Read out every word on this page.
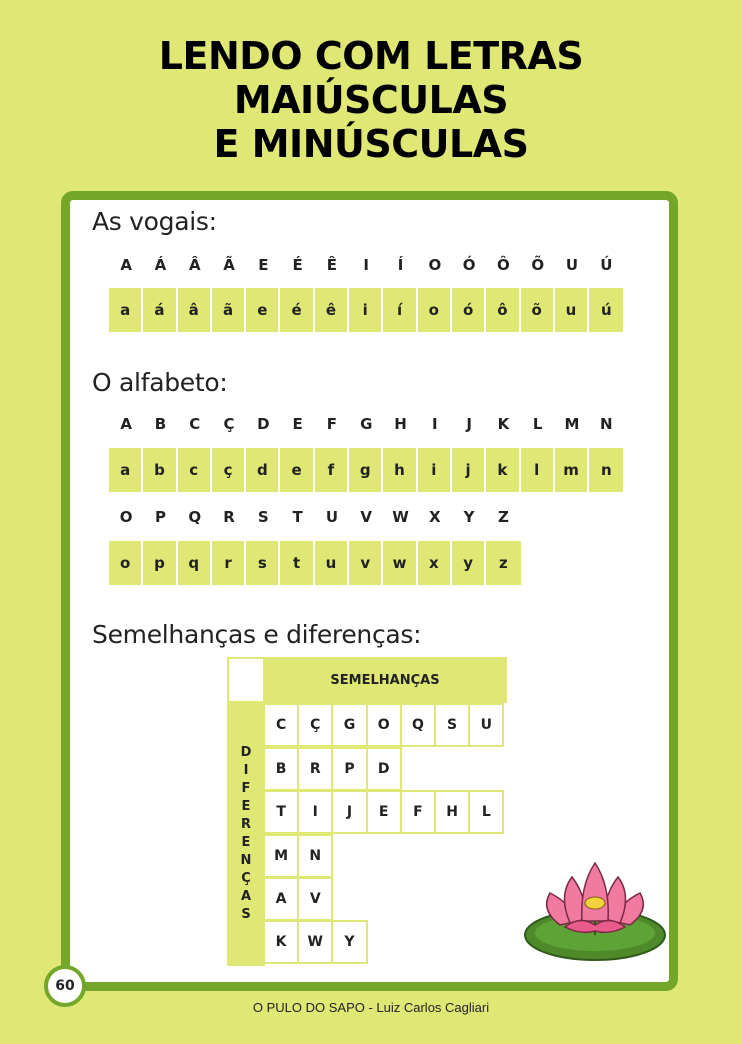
LENDO COM LETRAS
MAIÚSCULAS
E MINÚSCULAS
As vogais:
A	Á	Â	Ã	E	É	Ê	I	Í	O	Ó	Ô	Õ	U	Ú
a	á	â	ã	e	é	ê	i	í	o	ó	ô	õ	u	ú
O alfabeto:
A	B	C	Ç	D	E	F	G	H	I	J	K	L	M	N
a	b	c	ç	d	e	f	g	h	i	j	k	l	m	n
O	P	Q	R	S	T	U	V	W	X	Y	Z
o	p	q	r	s	t	u	v	w	x	y	z
Semelhanças e diferenças:
SEMELHANÇAS
D
I
F
E
R
E
N
Ç
A
S
C	Ç	G	O	Q	S	U
B	R	P	D
T	I	J	E	F	H	L
M	N
A	V
K	W	Y
60
O PULO DO SAPO - Luiz Carlos Cagliari
